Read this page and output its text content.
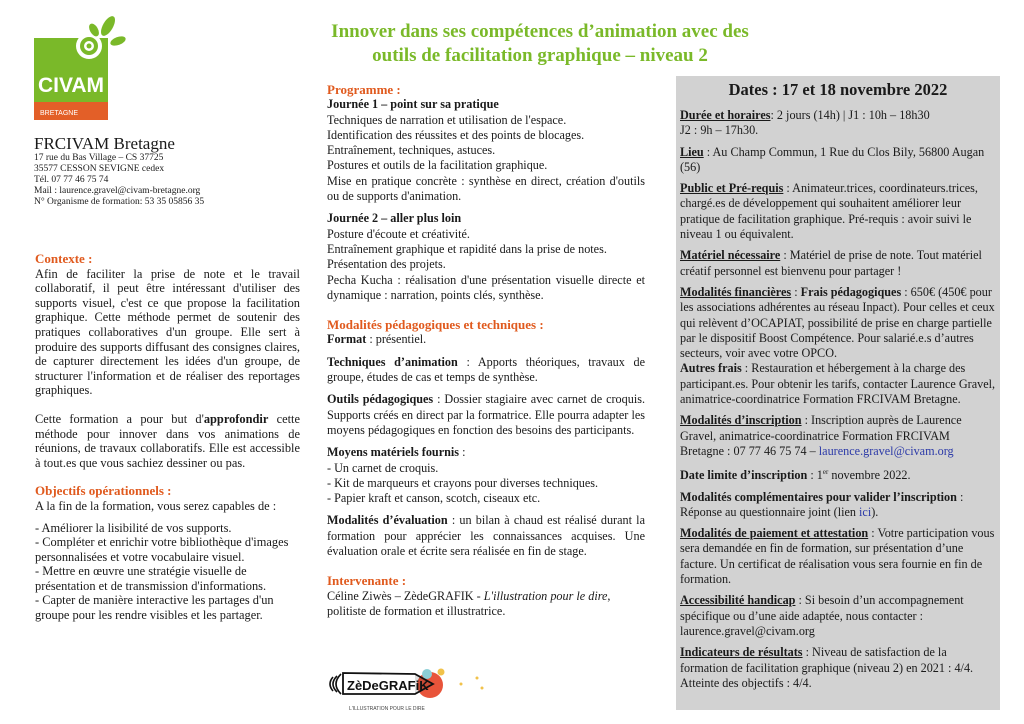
CIVAM
BRETAGNE
FRCIVAM Bretagne
17 rue du Bas Village – CS 37725
35577 CESSON SEVIGNE cedex
Tél. 07 77 46 75 74
Mail : laurence.gravel@civam-bretagne.org
N° Organisme de formation: 53 35 05856 35
Innover dans ses compétences d’animation avec des
outils de facilitation graphique – niveau 2

Contexte :

Afin de faciliter la prise de note et le travail collaboratif, il peut être intéressant d'utiliser des supports visuel, c'est ce que propose la facilitation graphique. Cette méthode permet de soutenir des pratiques collaboratives d'un groupe. Elle sert à produire des supports diffusant des consignes claires, de capturer directement les idées d'un groupe, de structurer l'information et de réaliser des reportages graphiques.

Cette formation a pour but d'approfondir cette méthode pour innover dans vos animations de réunions, de travaux collaboratifs. Elle est accessible à tout.es que vous sachiez dessiner ou pas.

Objectifs opérationnels :

A la fin de la formation, vous serez capables de :

- Améliorer la lisibilité de vos supports.
- Compléter et enrichir votre bibliothèque d'images personnalisées et votre vocabulaire visuel.
- Mettre en œuvre une stratégie visuelle de présentation et de transmission d'informations.
- Capter de manière interactive les partages d'un groupe pour les rendre visibles et les partager.

Programme :

Journée 1 – point sur sa pratique

Techniques de narration et utilisation de l'espace.

Identification des réussites et des points de blocages.

Entraînement, techniques, astuces.

Postures et outils de la facilitation graphique.

Mise en pratique concrète : synthèse en direct, création d'outils ou de supports d'animation.

Journée 2 – aller plus loin

Posture d'écoute et créativité.

Entraînement graphique et rapidité dans la prise de notes.

Présentation des projets.

Pecha Kucha : réalisation d'une présentation visuelle directe et dynamique : narration, points clés, synthèse.

Modalités pédagogiques et techniques :

Format : présentiel.

Techniques d’animation : Apports théoriques, travaux de groupe, études de cas et temps de synthèse.

Outils pédagogiques : Dossier stagiaire avec carnet de croquis. Supports créés en direct par la formatrice. Elle pourra adapter les moyens pédagogiques en fonction des besoins des participants.

Moyens matériels fournis :

- Un carnet de croquis.

- Kit de marqueurs et crayons pour diverses techniques.

- Papier kraft et canson, scotch, ciseaux etc.

Modalités d’évaluation : un bilan à chaud est réalisé durant la formation pour apprécier les connaissances acquises. Une évaluation orale et écrite sera réalisée en fin de stage.

Intervenante :

Céline Ziwès – ZèdeGRAFIK - L'illustration pour le dire, politiste de formation et illustratrice.

ZèDeGRAFiK
L'ILLUSTRATION POUR LE DIRE

Dates : 17 et 18 novembre 2022

Durée et horaires: 2 jours (14h) | J1 : 10h – 18h30
J2 : 9h – 17h30.

Lieu : Au Champ Commun, 1 Rue du Clos Bily, 56800 Augan (56)

Public et Pré-requis : Animateur.trices, coordinateurs.trices, chargé.es de développement qui souhaitent améliorer leur pratique de facilitation graphique. Pré-requis : avoir suivi le niveau 1 ou équivalent.

Matériel nécessaire : Matériel de prise de note. Tout matériel créatif personnel est bienvenu pour partager !

Modalités financières : Frais pédagogiques : 650€ (450€ pour les associations adhérentes au réseau Inpact). Pour celles et ceux qui relèvent d’OCAPIAT, possibilité de prise en charge partielle par le dispositif Boost Compétence. Pour salarié.e.s d’autres secteurs, voir avec votre OPCO.

Autres frais : Restauration et hébergement à la charge des participant.es. Pour obtenir les tarifs, contacter Laurence Gravel, animatrice-coordinatrice Formation FRCIVAM Bretagne.

Modalités d’inscription : Inscription auprès de Laurence Gravel, animatrice-coordinatrice Formation FRCIVAM Bretagne : 07 77 46 75 74 – laurence.gravel@civam.org

Date limite d’inscription : 1er novembre 2022.

Modalités complémentaires pour valider l’inscription : Réponse au questionnaire joint (lien ici).

Modalités de paiement et attestation : Votre participation vous sera demandée en fin de formation, sur présentation d’une facture. Un certificat de réalisation vous sera fournie en fin de formation.

Accessibilité handicap : Si besoin d’un accompagnement spécifique ou d’une aide adaptée, nous contacter : laurence.gravel@civam.org

Indicateurs de résultats : Niveau de satisfaction de la formation de facilitation graphique (niveau 2) en 2021 : 4/4. Atteinte des objectifs : 4/4.
